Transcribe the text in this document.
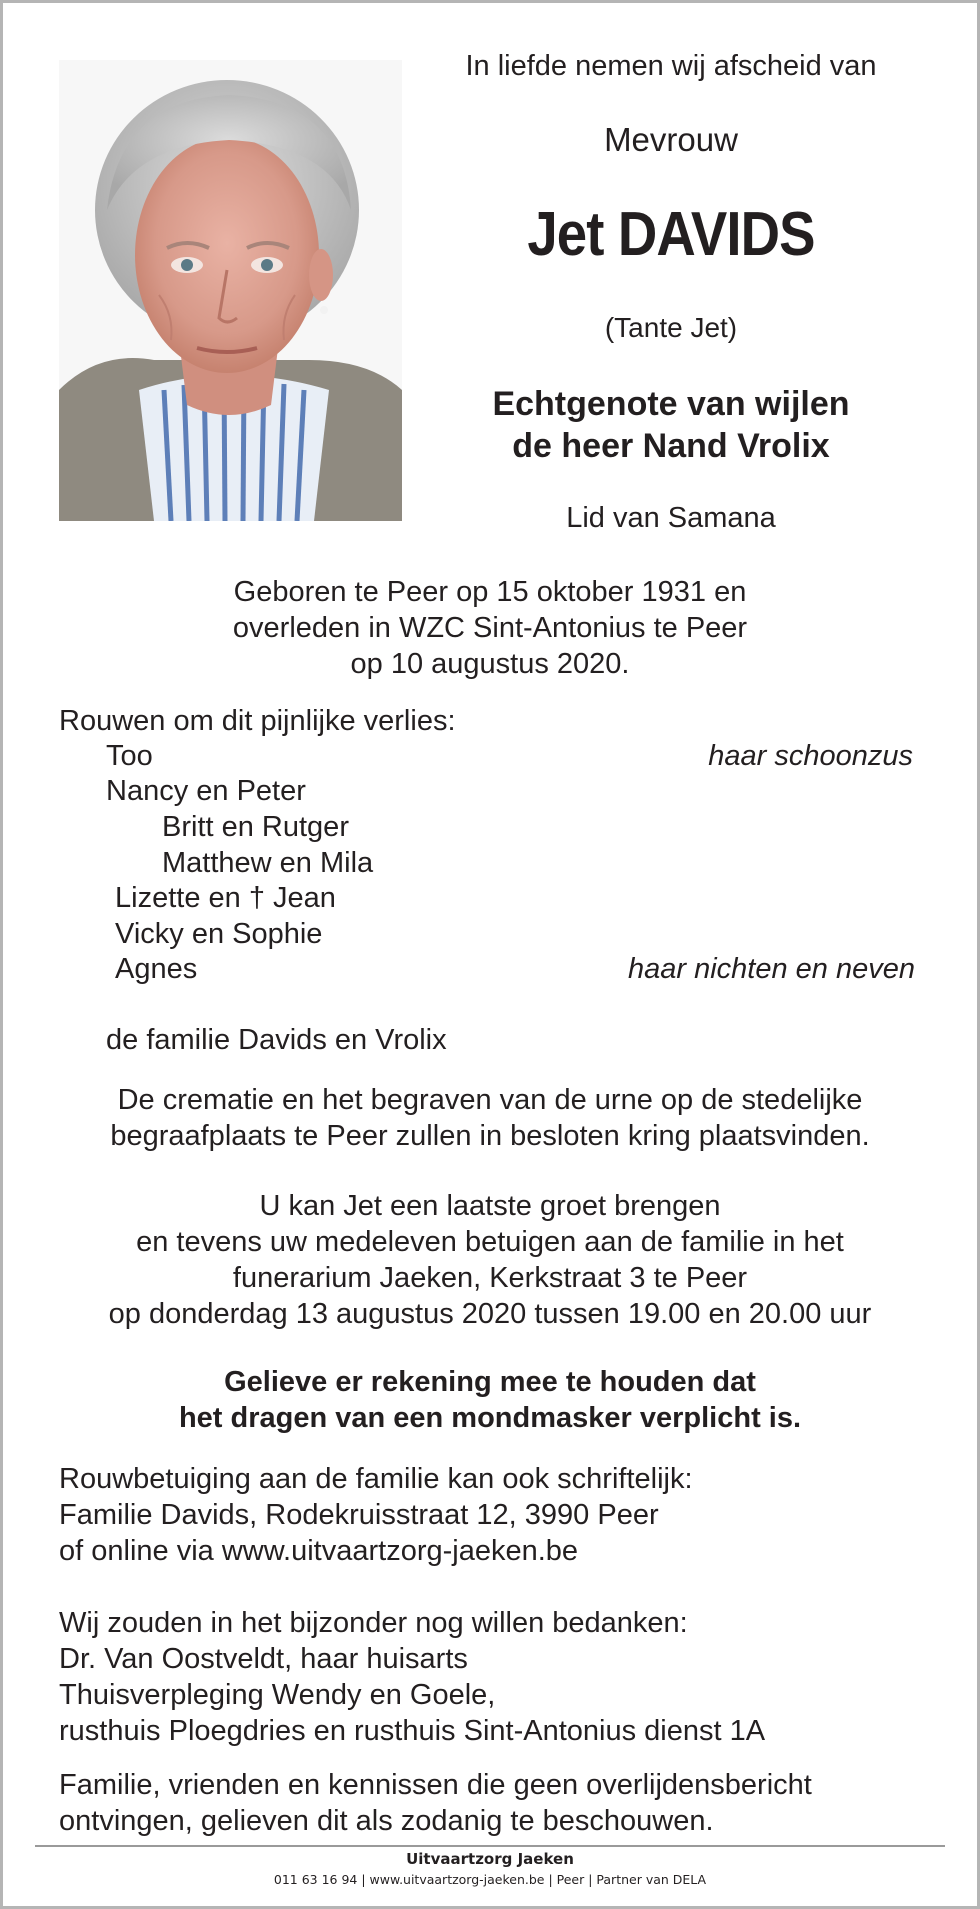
In liefde nemen wij afscheid van
Mevrouw
Jet DAVIDS
(Tante Jet)
Echtgenote van wijlen
de heer Nand Vrolix
Lid van Samana
Geboren te Peer op 15 oktober 1931 en
overleden in WZC Sint-Antonius te Peer
op 10 augustus 2020.
Rouwen om dit pijnlijke verlies:
Too
Nancy en Peter
Britt en Rutger
Matthew en Mila
Lizette en † Jean
Vicky en Sophie
Agnes
haar schoonzus
haar nichten en neven
de familie Davids en Vrolix
De crematie en het begraven van de urne op de stedelijke
begraafplaats te Peer zullen in besloten kring plaatsvinden.
U kan Jet een laatste groet brengen
en tevens uw medeleven betuigen aan de familie in het
funerarium Jaeken, Kerkstraat 3 te Peer
op donderdag 13 augustus 2020 tussen 19.00 en 20.00 uur
Gelieve er rekening mee te houden dat
het dragen van een mondmasker verplicht is.
Rouwbetuiging aan de familie kan ook schriftelijk:
Familie Davids, Rodekruisstraat 12, 3990 Peer
of online via www.uitvaartzorg-jaeken.be
Wij zouden in het bijzonder nog willen bedanken:
Dr. Van Oostveldt, haar huisarts
Thuisverpleging Wendy en Goele,
rusthuis Ploegdries en rusthuis Sint-Antonius dienst 1A
Familie, vrienden en kennissen die geen overlijdensbericht
ontvingen, gelieven dit als zodanig te beschouwen.
Uitvaartzorg Jaeken
011 63 16 94 | www.uitvaartzorg-jaeken.be | Peer | Partner van DELA
